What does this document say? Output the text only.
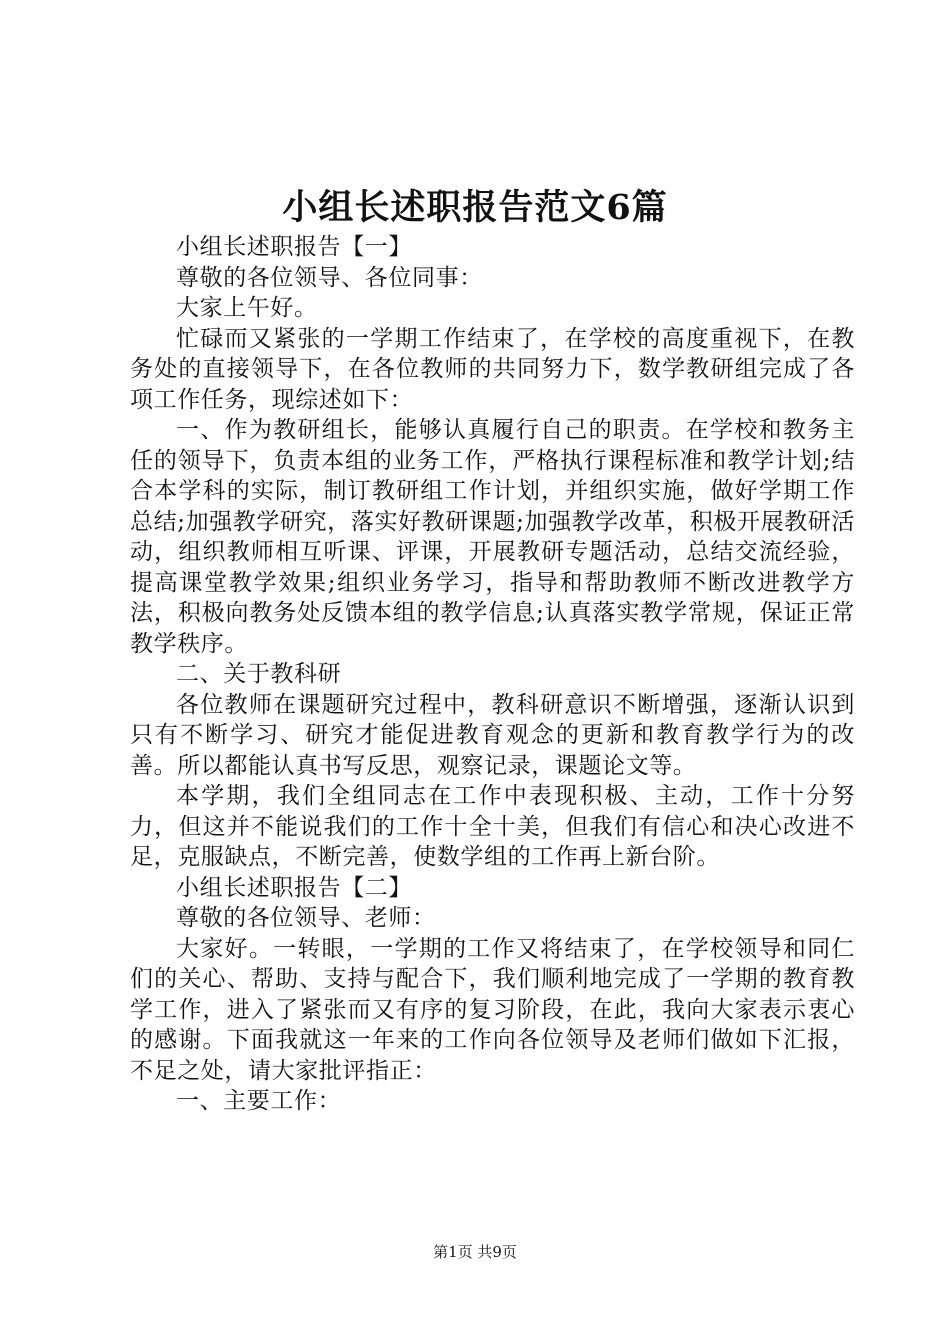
小组长述职报告范文6篇

小组长述职报告【一】

尊敬的各位领导、各位同事：

大家上午好。

忙碌而又紧张的一学期工作结束了，在学校的高度重视下，在教务处的直接领导下，在各位教师的共同努力下，数学教研组完成了各项工作任务，现综述如下：

一、作为教研组长，能够认真履行自己的职责。在学校和教务主任的领导下，负责本组的业务工作，严格执行课程标准和教学计划;结合本学科的实际，制订教研组工作计划，并组织实施，做好学期工作总结;加强教学研究，落实好教研课题;加强教学改革，积极开展教研活动，组织教师相互听课、评课，开展教研专题活动，总结交流经验，提高课堂教学效果;组织业务学习，指导和帮助教师不断改进教学方法，积极向教务处反馈本组的教学信息;认真落实教学常规，保证正常教学秩序。

二、关于教科研

各位教师在课题研究过程中，教科研意识不断增强，逐渐认识到只有不断学习、研究才能促进教育观念的更新和教育教学行为的改善。所以都能认真书写反思，观察记录，课题论文等。

本学期，我们全组同志在工作中表现积极、主动，工作十分努力，但这并不能说我们的工作十全十美，但我们有信心和决心改进不足，克服缺点，不断完善，使数学组的工作再上新台阶。

小组长述职报告【二】

尊敬的各位领导、老师：

大家好。一转眼，一学期的工作又将结束了，在学校领导和同仁们的关心、帮助、支持与配合下，我们顺利地完成了一学期的教育教学工作，进入了紧张而又有序的复习阶段，在此，我向大家表示衷心的感谢。下面我就这一年来的工作向各位领导及老师们做如下汇报，不足之处，请大家批评指正：

一、主要工作：

第1页 共9页
